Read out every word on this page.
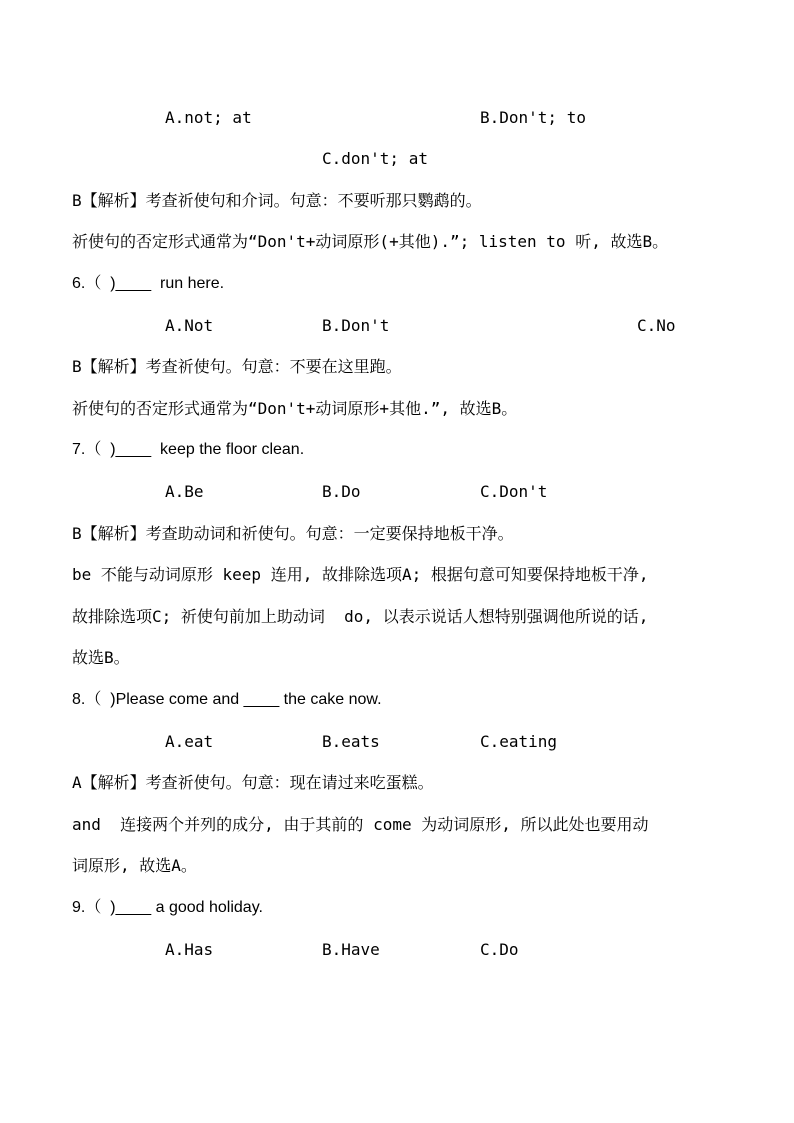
A.not; at	B.Don't; to
C.don't; at
B【解析】考查祈使句和介词。句意：不要听那只鹦鹉的。
祈使句的否定形式通常为“Don't+动词原形(+其他).”; listen to 听, 故选B。
6.（  )____  run here.
A.Not	B.Don't	C.No
B【解析】考查祈使句。句意：不要在这里跑。
祈使句的否定形式通常为“Don't+动词原形+其他.”, 故选B。
7.（  )____  keep the floor clean.
A.Be	B.Do	C.Don't
B【解析】考查助动词和祈使句。句意：一定要保持地板干净。
be 不能与动词原形 keep 连用, 故排除选项A; 根据句意可知要保持地板干净,
故排除选项C; 祈使句前加上助动词  do, 以表示说话人想特别强调他所说的话,
故选B。
8.（  )Please come and ____ the cake now.
A.eat	B.eats	C.eating
A【解析】考查祈使句。句意：现在请过来吃蛋糕。
and  连接两个并列的成分, 由于其前的 come 为动词原形, 所以此处也要用动
词原形, 故选A。
9.（  )____ a good holiday.
A.Has	B.Have	C.Do
